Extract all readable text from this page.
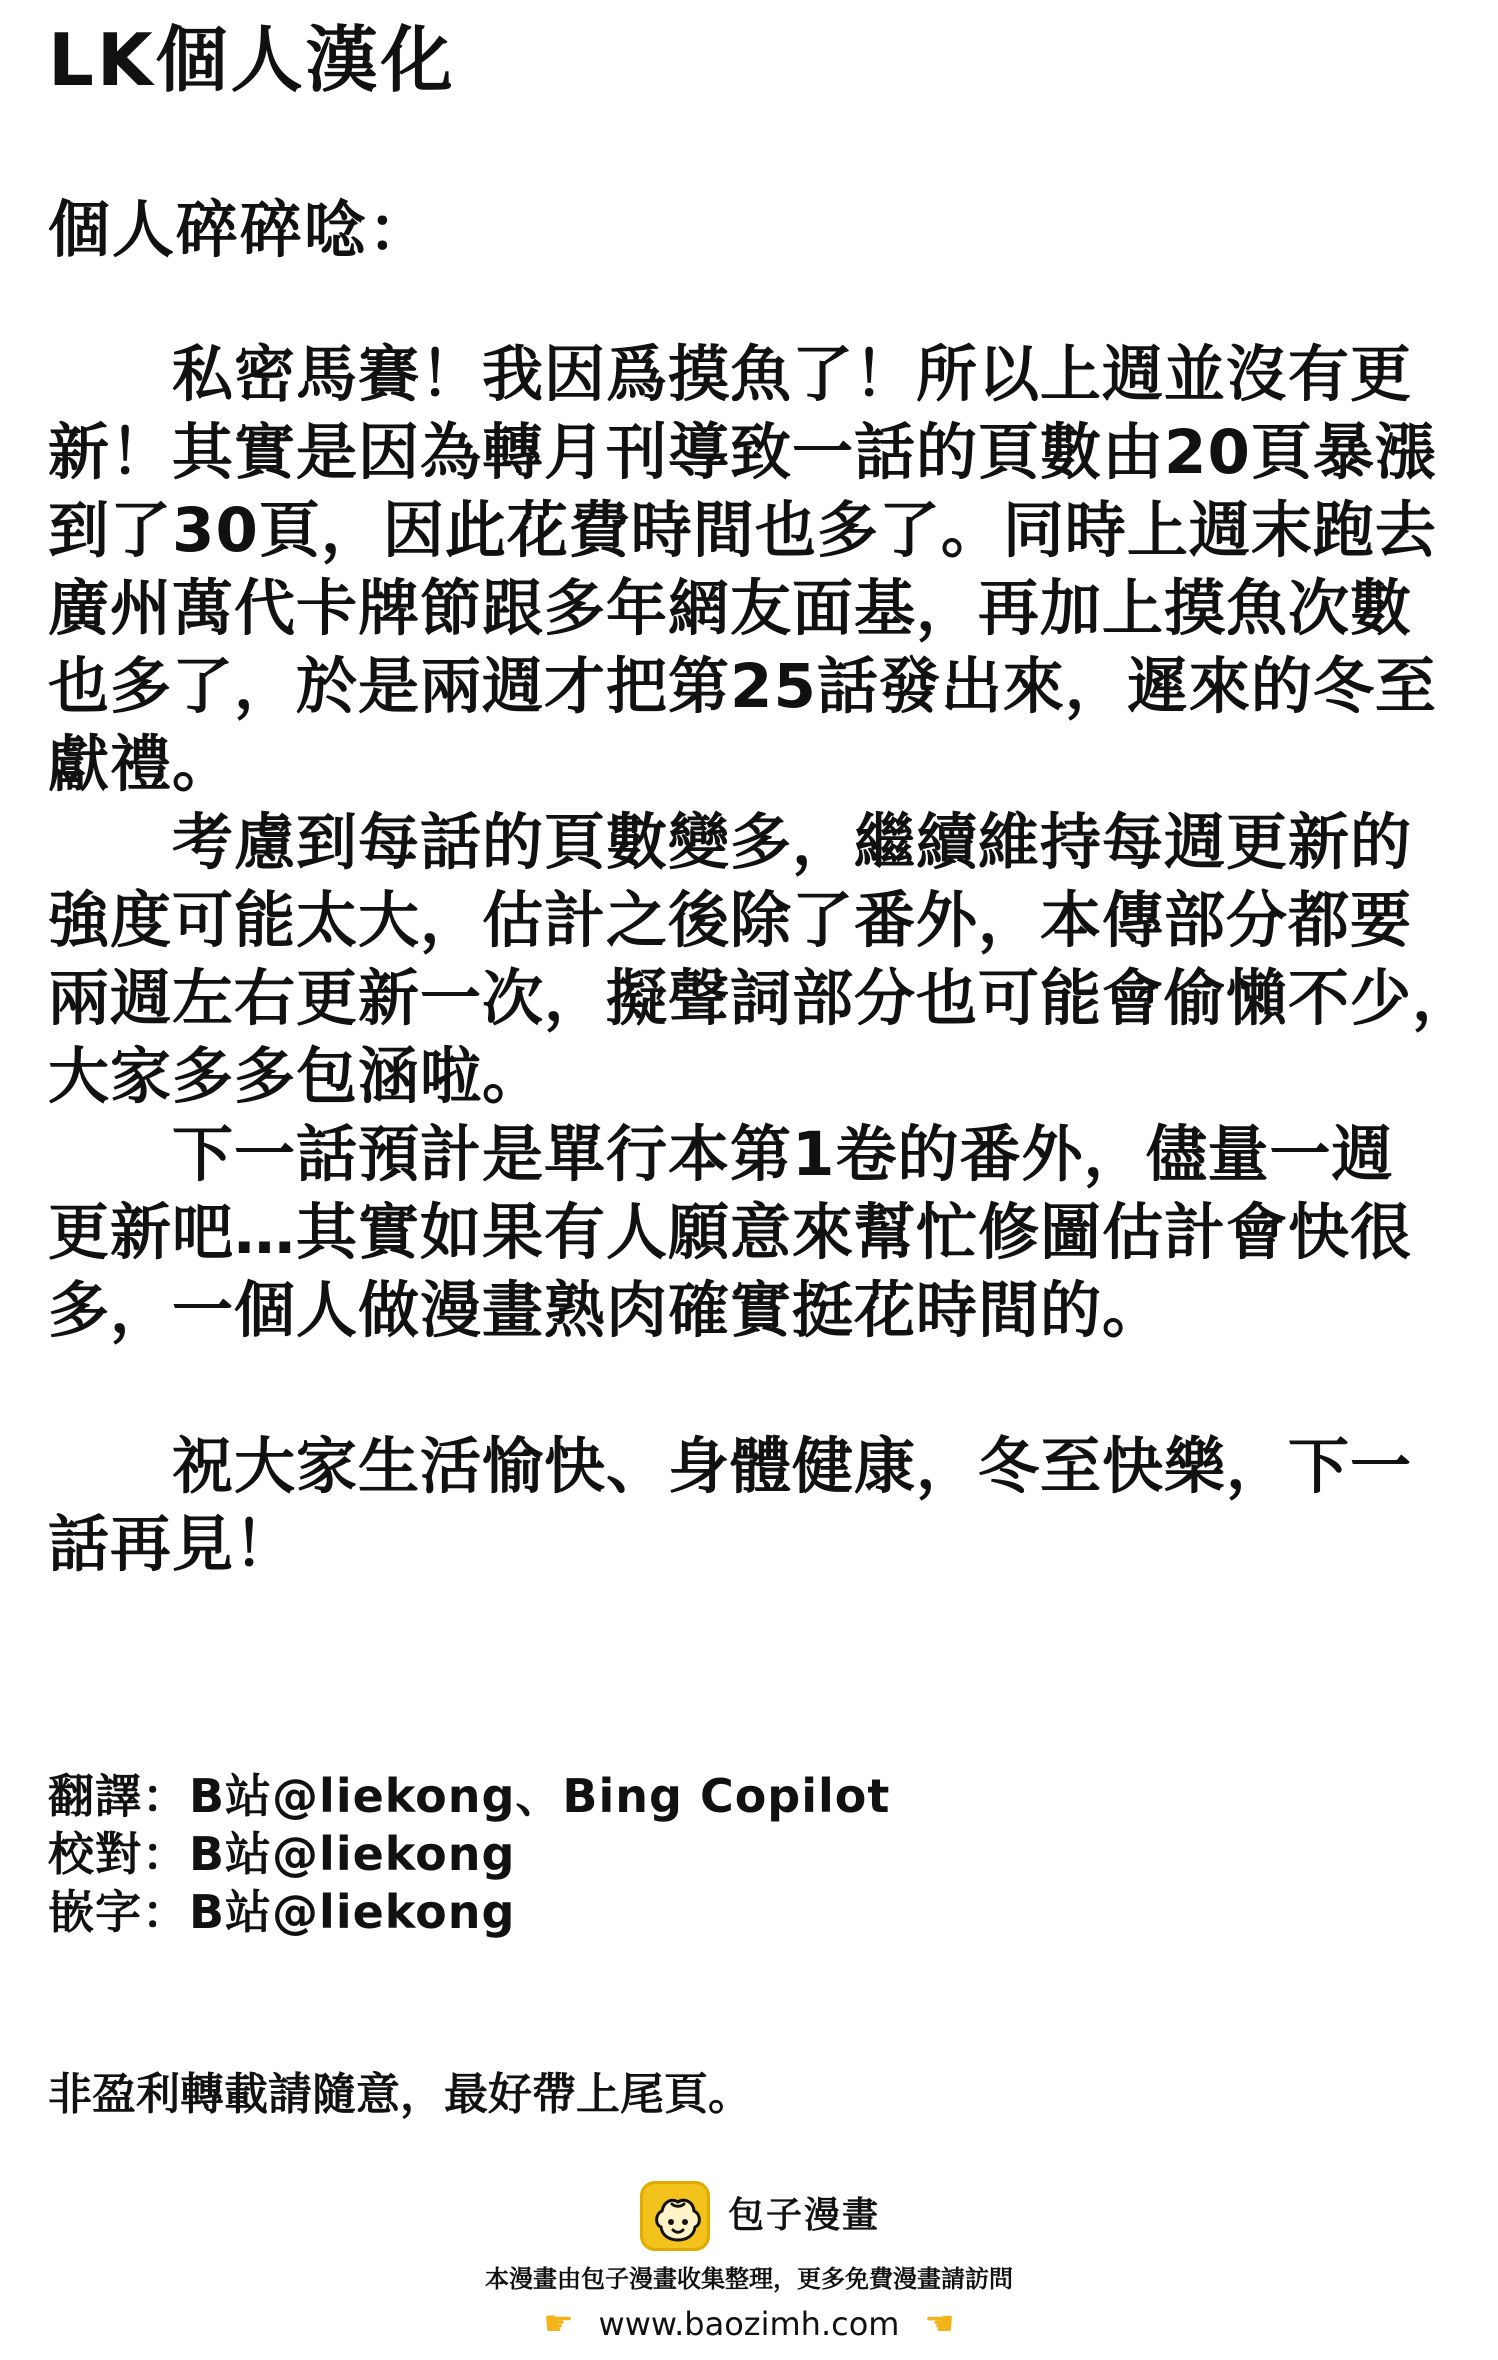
LK個人漢化
個人碎碎唸：
私密馬賽！我因爲摸魚了！所以上週並沒有更
新！其實是因為轉月刊導致一話的頁數由20頁暴漲
到了30頁，因此花費時間也多了。同時上週末跑去
廣州萬代卡牌節跟多年網友面基，再加上摸魚次數
也多了，於是兩週才把第25話發出來，遲來的冬至
獻禮。
考慮到每話的頁數變多，繼續維持每週更新的
強度可能太大，估計之後除了番外，本傳部分都要
兩週左右更新一次，擬聲詞部分也可能會偷懶不少，
大家多多包涵啦。
下一話預計是單行本第1卷的番外，儘量一週
更新吧…其實如果有人願意來幫忙修圖估計會快很
多，一個人做漫畫熟肉確實挺花時間的。
祝大家生活愉快、身體健康，冬至快樂，下一
話再見！
翻譯：B站@liekong、Bing Copilot
校對：B站@liekong
嵌字：B站@liekong
非盈利轉載請隨意，最好帶上尾頁。
包子漫畫
本漫畫由包子漫畫收集整理，更多免費漫畫請訪問
☛ www.baozimh.com ☚
